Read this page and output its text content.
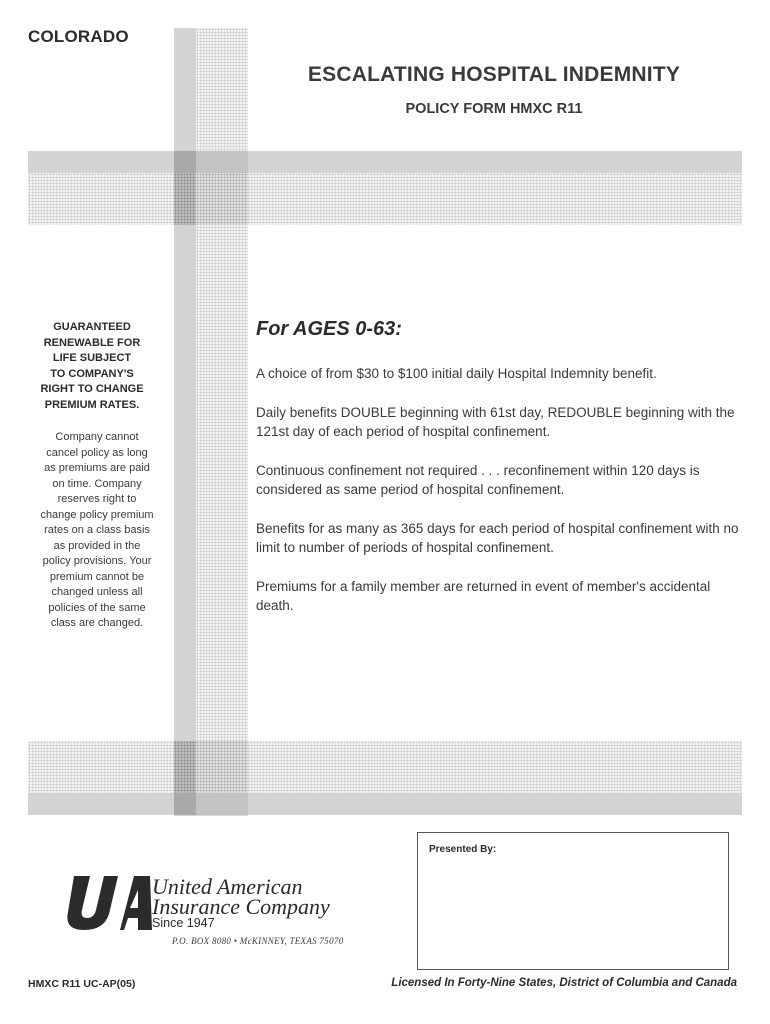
COLORADO
ESCALATING HOSPITAL INDEMNITY
POLICY FORM HMXC R11
GUARANTEED
RENEWABLE FOR
LIFE SUBJECT
TO COMPANY'S
RIGHT TO CHANGE
PREMIUM RATES.
Company cannot
cancel policy as long
as premiums are paid
on time. Company
reserves right to
change policy premium
rates on a class basis
as provided in the
policy provisions. Your
premium cannot be
changed unless all
policies of the same
class are changed.
For AGES 0-63:

A choice of from $30 to $100 initial daily Hospital Indemnity benefit.

Daily benefits DOUBLE beginning with 61st day, REDOUBLE beginning with the 121st day of each period of hospital confinement.

Continuous confinement not required . . . reconfinement within 120 days is considered as same period of hospital confinement.

Benefits for as many as 365 days for each period of hospital confinement with no limit to number of periods of hospital confinement.

Premiums for a family member are returned in event of member's accidental death.

Presented By:
United American
Insurance Company
Since 1947
P.O. BOX 8080 • McKINNEY, TEXAS 75070
HMXC R11 UC-AP(05)	Licensed In Forty-Nine States, District of Columbia and Canada
